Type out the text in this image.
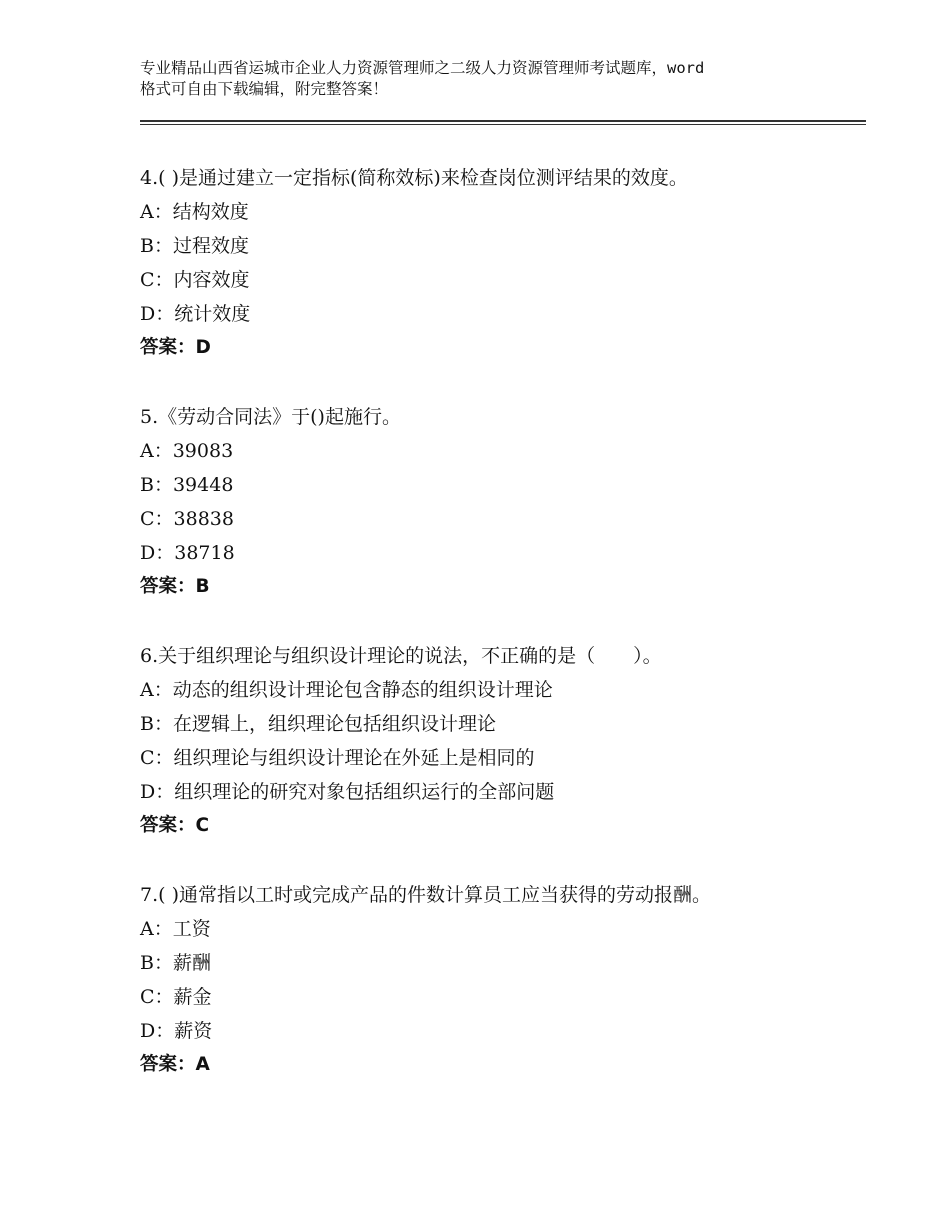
专业精品山西省运城市企业人力资源管理师之二级人力资源管理师考试题库，word
格式可自由下载编辑，附完整答案！
4.( )是通过建立一定指标(简称效标)来检查岗位测评结果的效度。
A：结构效度
B：过程效度
C：内容效度
D：统计效度
答案：D
5.《劳动合同法》于()起施行。
A：39083
B：39448
C：38838
D：38718
答案：B
6.关于组织理论与组织设计理论的说法，不正确的是（　　）。
A：动态的组织设计理论包含静态的组织设计理论
B：在逻辑上，组织理论包括组织设计理论
C：组织理论与组织设计理论在外延上是相同的
D：组织理论的研究对象包括组织运行的全部问题
答案：C
7.( )通常指以工时或完成产品的件数计算员工应当获得的劳动报酬。
A：工资
B：薪酬
C：薪金
D：薪资
答案：A
